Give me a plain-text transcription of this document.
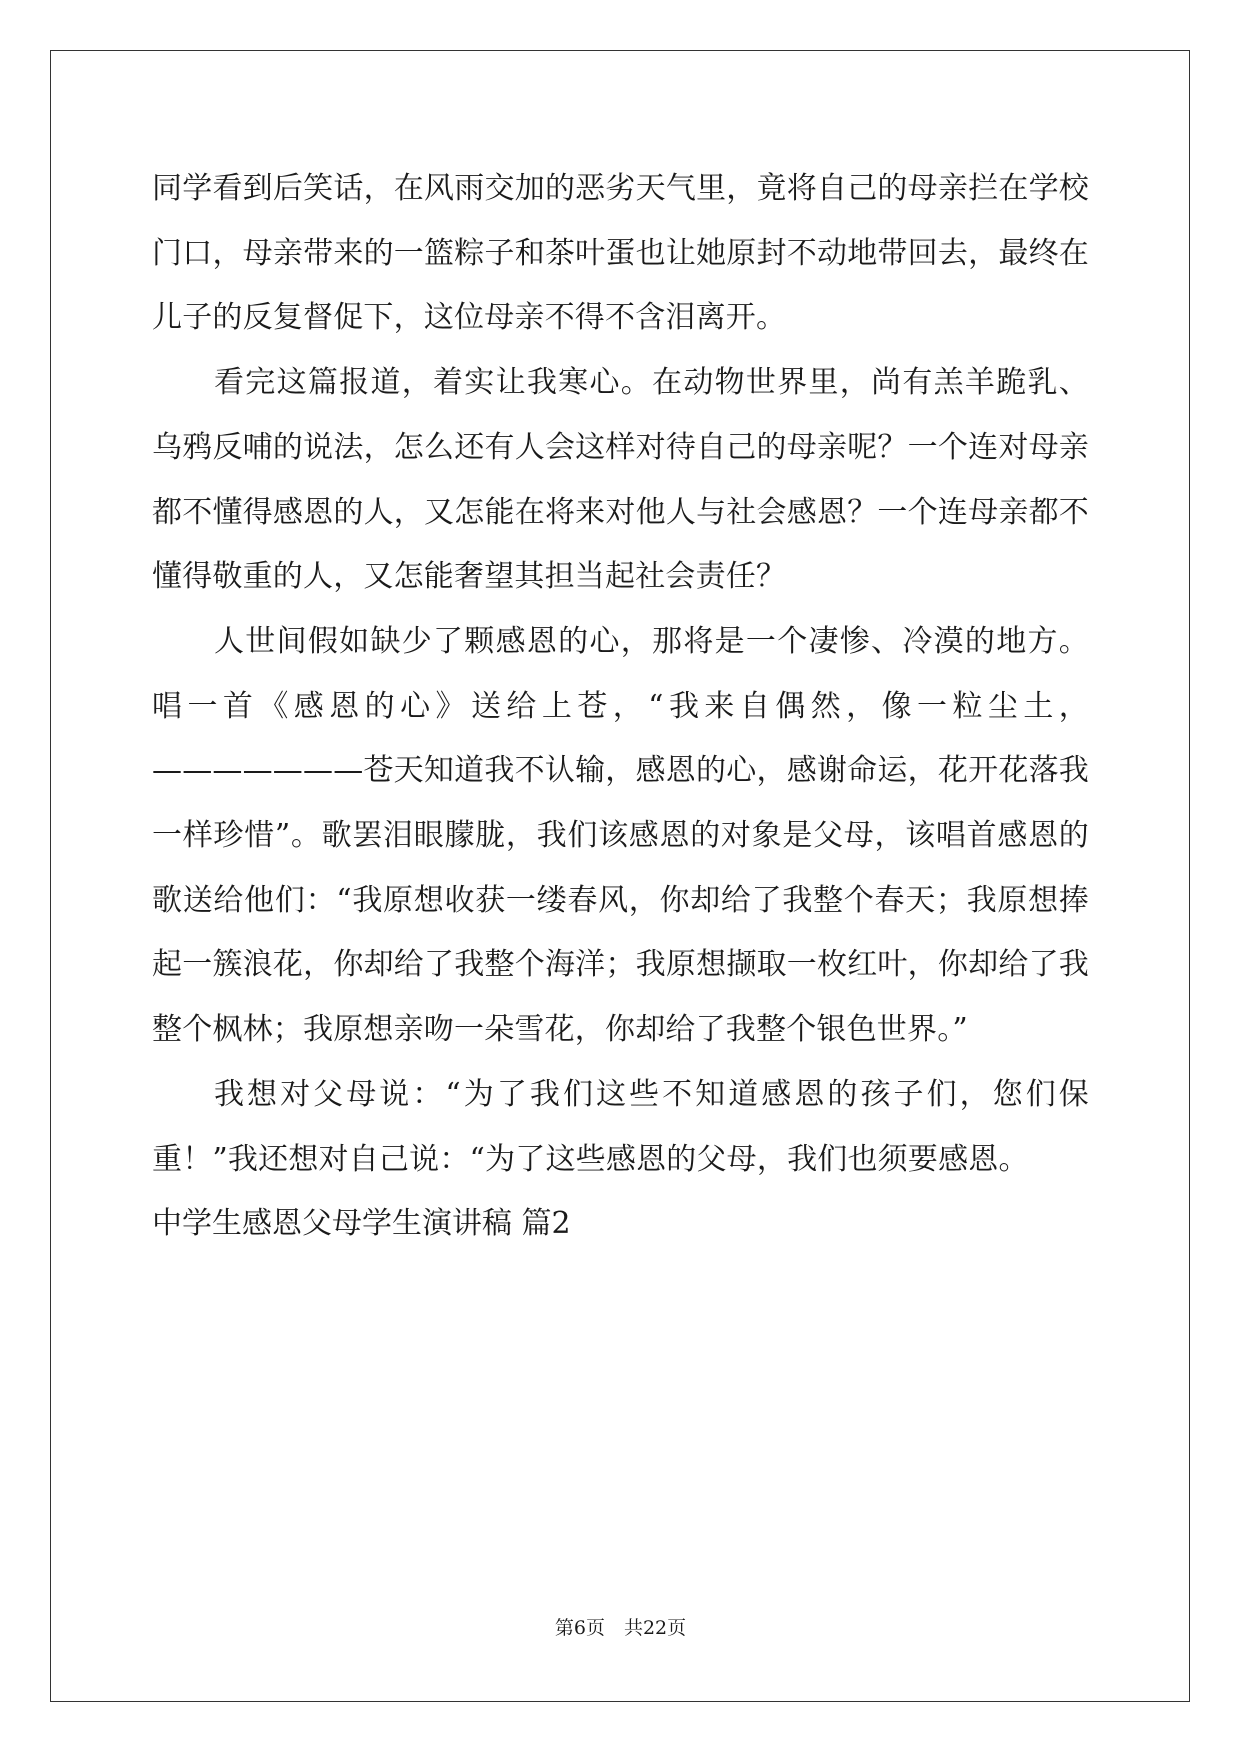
同学看到后笑话，在风雨交加的恶劣天气里，竟将自己的母亲拦在学校门口，母亲带来的一篮粽子和茶叶蛋也让她原封不动地带回去，最终在儿子的反复督促下，这位母亲不得不含泪离开。

看完这篇报道，着实让我寒心。在动物世界里，尚有羔羊跪乳、乌鸦反哺的说法，怎么还有人会这样对待自己的母亲呢？一个连对母亲都不懂得感恩的人，又怎能在将来对他人与社会感恩？一个连母亲都不懂得敬重的人，又怎能奢望其担当起社会责任？

人世间假如缺少了颗感恩的心，那将是一个凄惨、冷漠的地方。唱一首《感恩的心》送给上苍，“我来自偶然，像一粒尘土，———————苍天知道我不认输，感恩的心，感谢命运，花开花落我一样珍惜”。歌罢泪眼朦胧，我们该感恩的对象是父母，该唱首感恩的歌送给他们：“我原想收获一缕春风，你却给了我整个春天；我原想捧起一簇浪花，你却给了我整个海洋；我原想撷取一枚红叶，你却给了我整个枫林；我原想亲吻一朵雪花，你却给了我整个银色世界。”

我想对父母说：“为了我们这些不知道感恩的孩子们，您们保重！”我还想对自己说：“为了这些感恩的父母，我们也须要感恩。

中学生感恩父母学生演讲稿 篇2

第6页　共22页
